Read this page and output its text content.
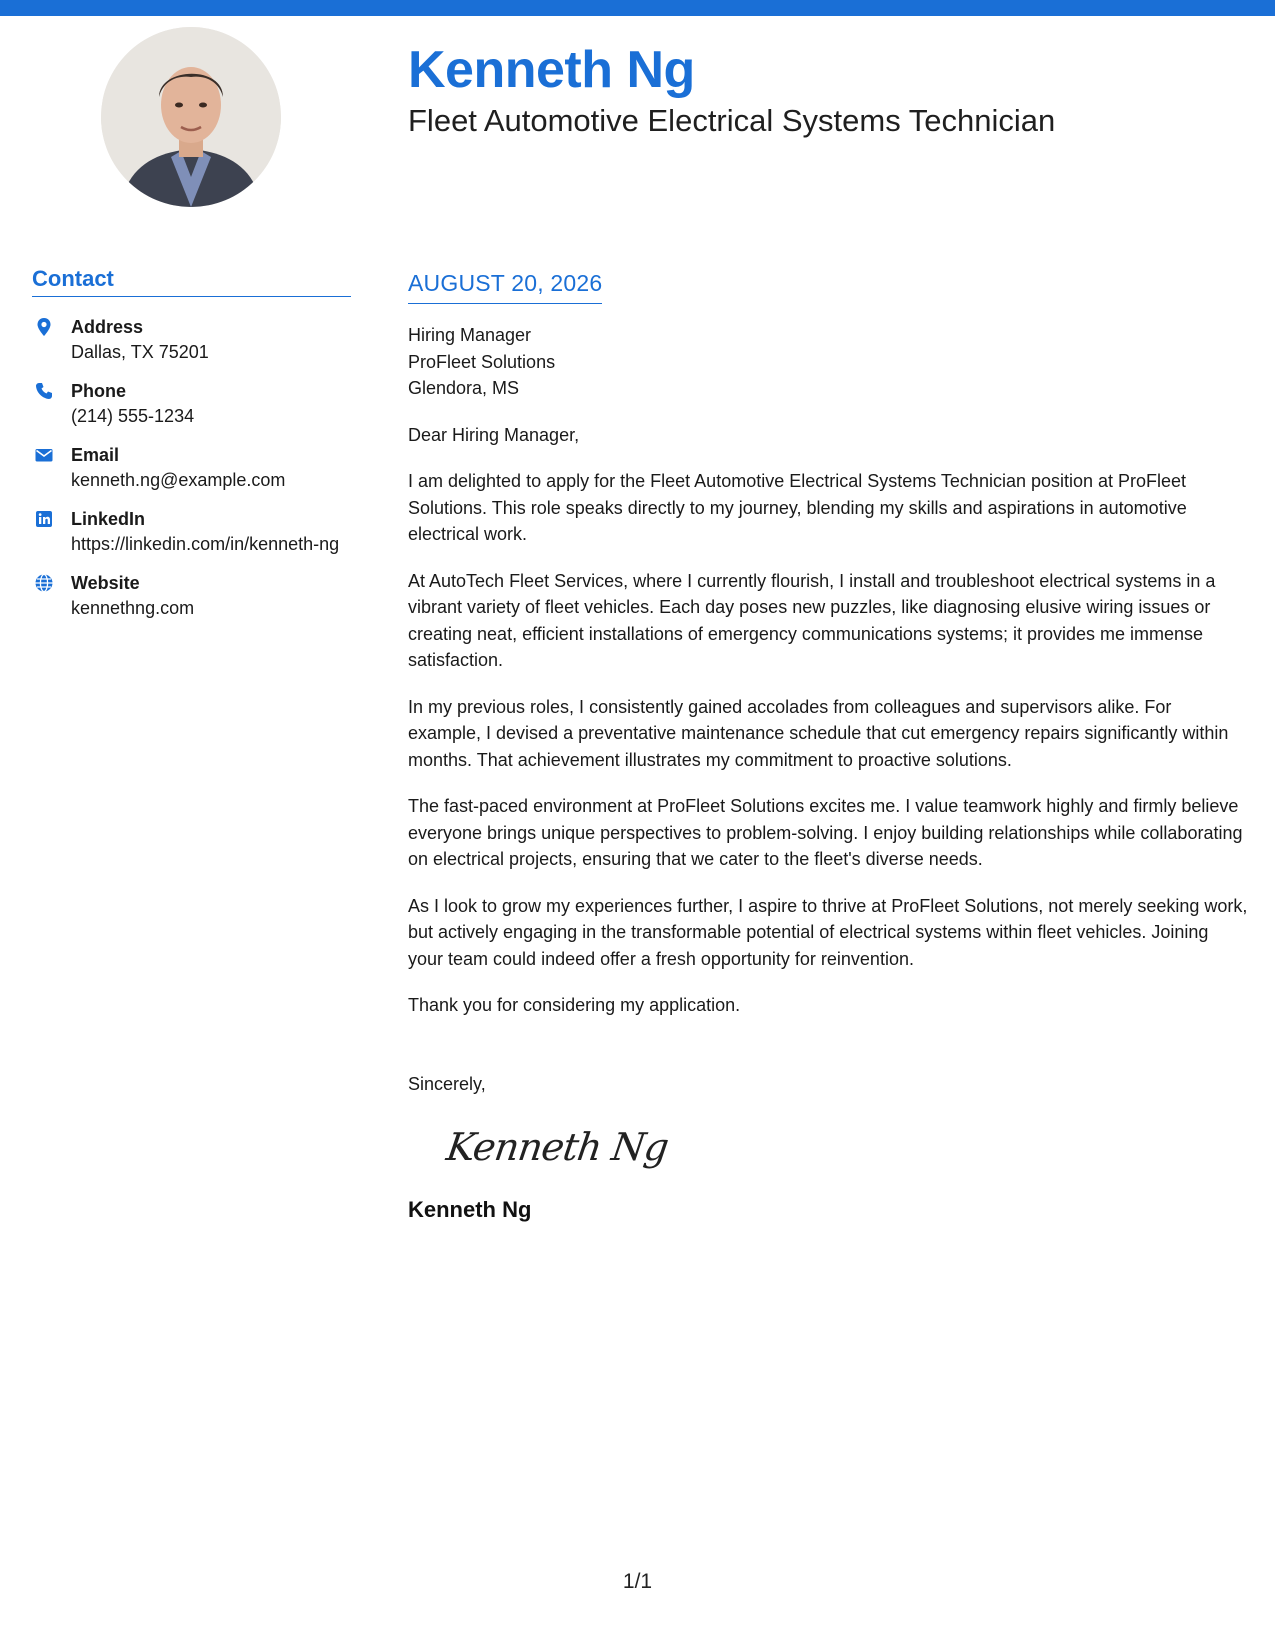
Kenneth Ng
Fleet Automotive Electrical Systems Technician
Contact
Address
Dallas, TX 75201
Phone
(214) 555-1234
Email
kenneth.ng@example.com
LinkedIn
https://linkedin.com/in/kenneth-ng
Website
kennethng.com
AUGUST 20, 2026
Hiring Manager
ProFleet Solutions
Glendora, MS

Dear Hiring Manager,

I am delighted to apply for the Fleet Automotive Electrical Systems Technician position at ProFleet Solutions. This role speaks directly to my journey, blending my skills and aspirations in automotive electrical work.

At AutoTech Fleet Services, where I currently flourish, I install and troubleshoot electrical systems in a vibrant variety of fleet vehicles. Each day poses new puzzles, like diagnosing elusive wiring issues or creating neat, efficient installations of emergency communications systems; it provides me immense satisfaction.

In my previous roles, I consistently gained accolades from colleagues and supervisors alike. For example, I devised a preventative maintenance schedule that cut emergency repairs significantly within months. That achievement illustrates my commitment to proactive solutions.

The fast-paced environment at ProFleet Solutions excites me. I value teamwork highly and firmly believe everyone brings unique perspectives to problem-solving. I enjoy building relationships while collaborating on electrical projects, ensuring that we cater to the fleet's diverse needs.

As I look to grow my experiences further, I aspire to thrive at ProFleet Solutions, not merely seeking work, but actively engaging in the transformable potential of electrical systems within fleet vehicles. Joining your team could indeed offer a fresh opportunity for reinvention.

Thank you for considering my application.

Sincerely,

Kenneth Ng
Kenneth Ng
1/1
